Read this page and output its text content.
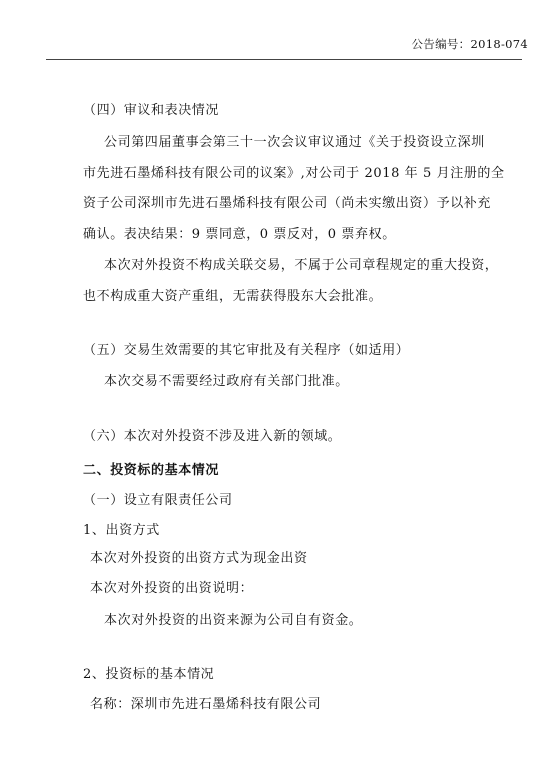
公告编号：2018-074
（四）审议和表决情况
公司第四届董事会第三十一次会议审议通过《关于投资设立深圳
市先进石墨烯科技有限公司的议案》,对公司于 2018 年 5 月注册的全
资子公司深圳市先进石墨烯科技有限公司（尚未实缴出资）予以补充
确认。表决结果：9 票同意，0 票反对，0 票弃权。
本次对外投资不构成关联交易，不属于公司章程规定的重大投资，
也不构成重大资产重组，无需获得股东大会批准。
（五）交易生效需要的其它审批及有关程序（如适用）
本次交易不需要经过政府有关部门批准。
（六）本次对外投资不涉及进入新的领域。
二、投资标的基本情况
（一）设立有限责任公司
1、出资方式
本次对外投资的出资方式为现金出资
本次对外投资的出资说明：
本次对外投资的出资来源为公司自有资金。
2、投资标的基本情况
名称：深圳市先进石墨烯科技有限公司
